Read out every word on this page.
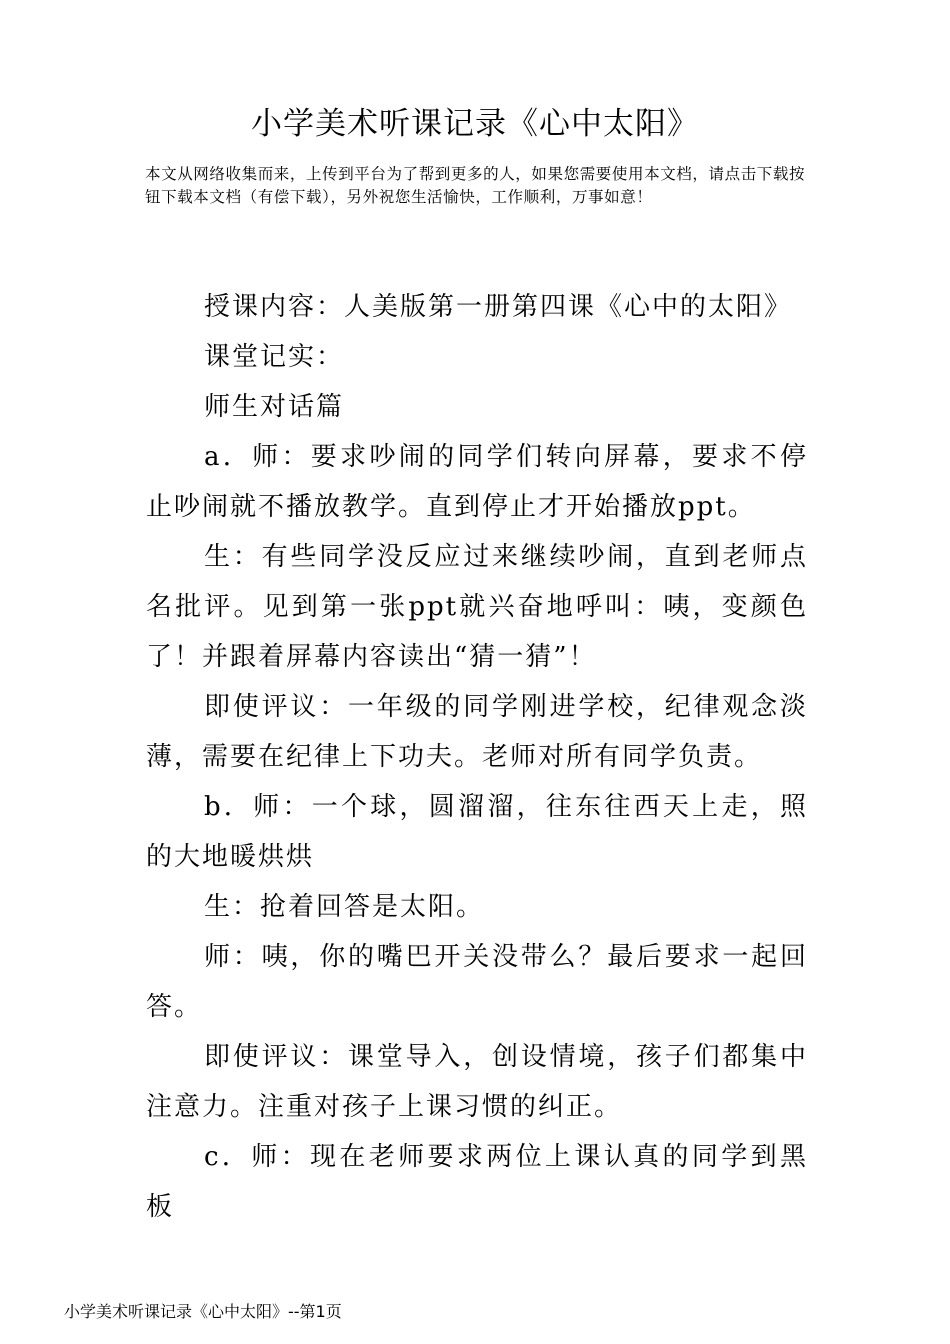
小学美术听课记录《心中太阳》

本文从网络收集而来，上传到平台为了帮到更多的人，如果您需要使用本文档，请点击下载按钮下载本文档（有偿下载），另外祝您生活愉快，工作顺利，万事如意！

授课内容：人美版第一册第四课《心中的太阳》

课堂记实：

师生对话篇

a．师：要求吵闹的同学们转向屏幕，要求不停止吵闹就不播放教学。直到停止才开始播放ppt。

生：有些同学没反应过来继续吵闹，直到老师点名批评。见到第一张ppt就兴奋地呼叫：咦，变颜色了！并跟着屏幕内容读出“猜一猜”！

即使评议：一年级的同学刚进学校，纪律观念淡薄，需要在纪律上下功夫。老师对所有同学负责。

b．师：一个球，圆溜溜，往东往西天上走，照的大地暖烘烘

生：抢着回答是太阳。

师：咦，你的嘴巴开关没带么？最后要求一起回答。

即使评议：课堂导入，创设情境，孩子们都集中注意力。注重对孩子上课习惯的纠正。

c．师：现在老师要求两位上课认真的同学到黑板

小学美术听课记录《心中太阳》--第1页
